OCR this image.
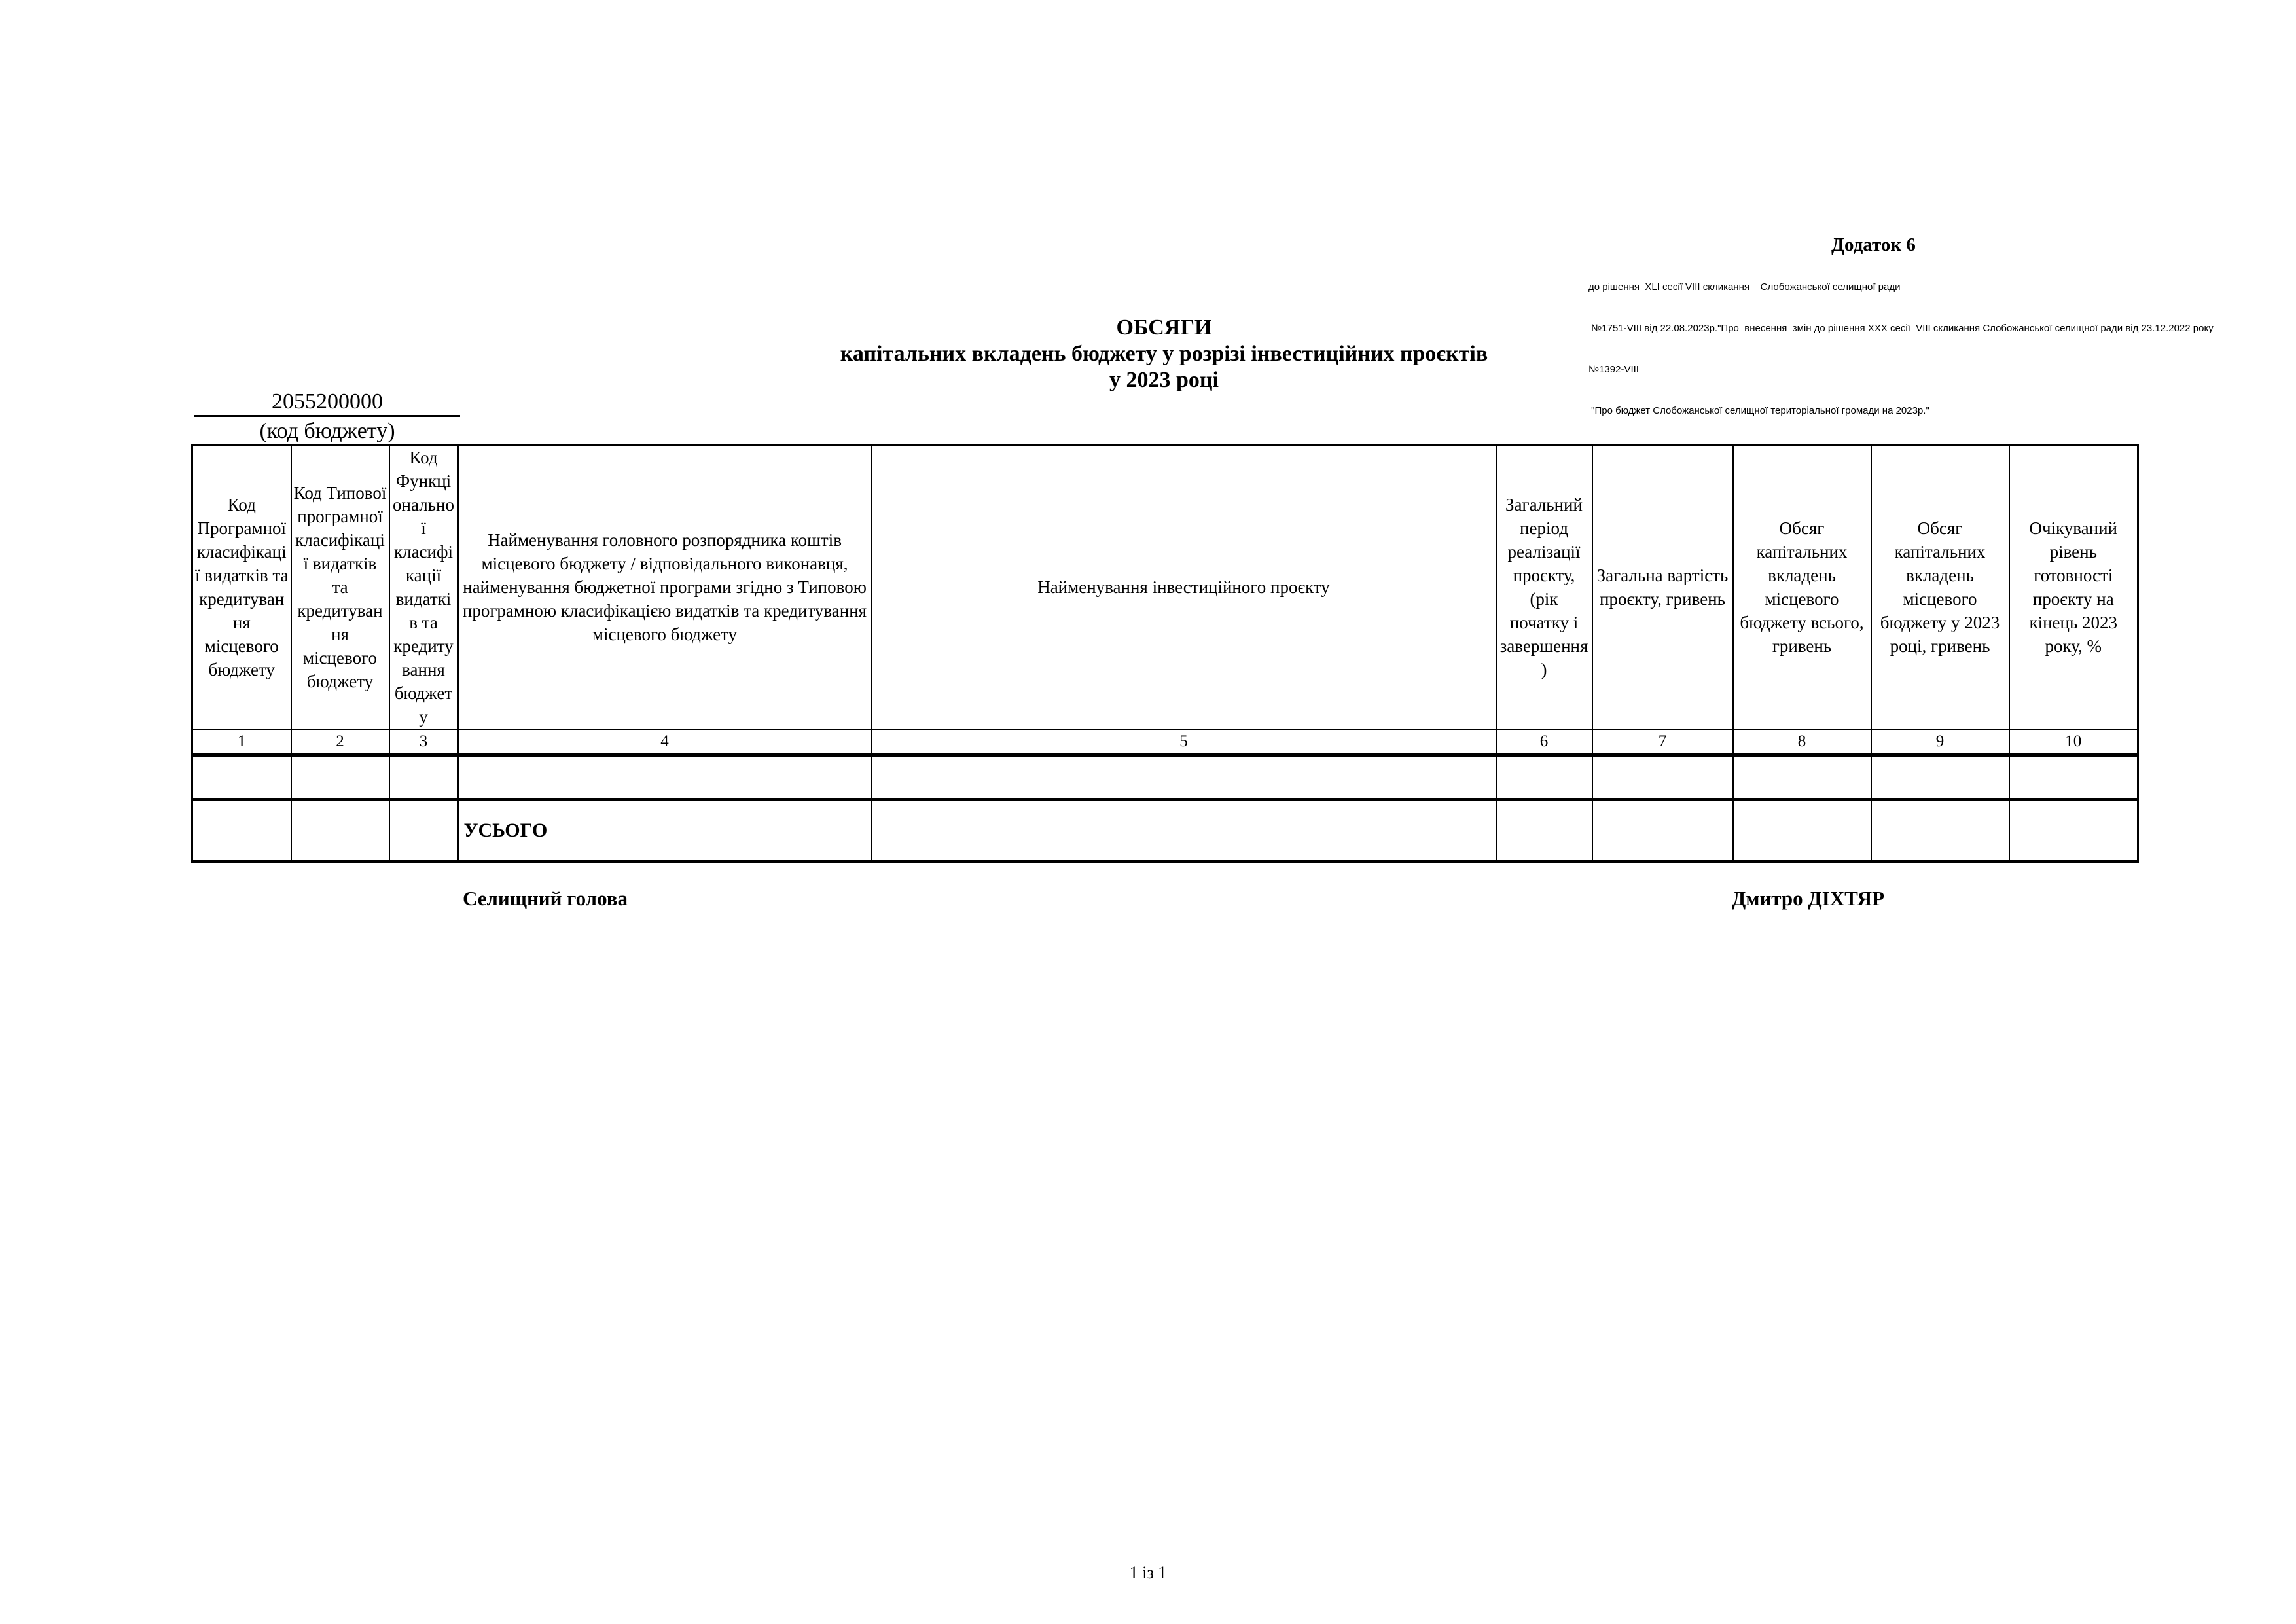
Додаток 6

до рішення  XLI сесії VIII скликання    Слобожанської селищної ради

№1751-VIII від 22.08.2023р."Про  внесення  змін до рішення XXX сесії  VIII скликання Слобожанської селищної ради від 23.12.2022 року

№1392-VIII

"Про бюджет Слобожанської селищної територіальної громади на 2023р."

ОБСЯГИ
капітальних вкладень бюджету у розрізі інвестиційних проєктів
у 2023 році
2055200000
(код бюджету)
Код Програмної класифікації видатків та кредитування місцевого бюджету	Код Типової програмної класифікації видатків та кредитування місцевого бюджету	Код Функціональної класифікації видатків та кредитування бюджету	Найменування головного розпорядника коштів місцевого бюджету / відповідального виконавця, найменування бюджетної програми згідно з Типовою програмною класифікацією видатків та кредитування місцевого бюджету	Найменування інвестиційного проєкту	Загальний період реалізації проєкту, (рік початку і завершення)	Загальна вартість проєкту, гривень	Обсяг капітальних вкладень місцевого бюджету всього, гривень	Обсяг капітальних вкладень місцевого бюджету у 2023 році, гривень	Очікуваний рівень готовності проєкту на кінець 2023 року, %
1	2	3	4	5	6	7	8	9	10

			УСЬОГО						
Селищний голова	Дмитро ДІХТЯР
1 із 1
